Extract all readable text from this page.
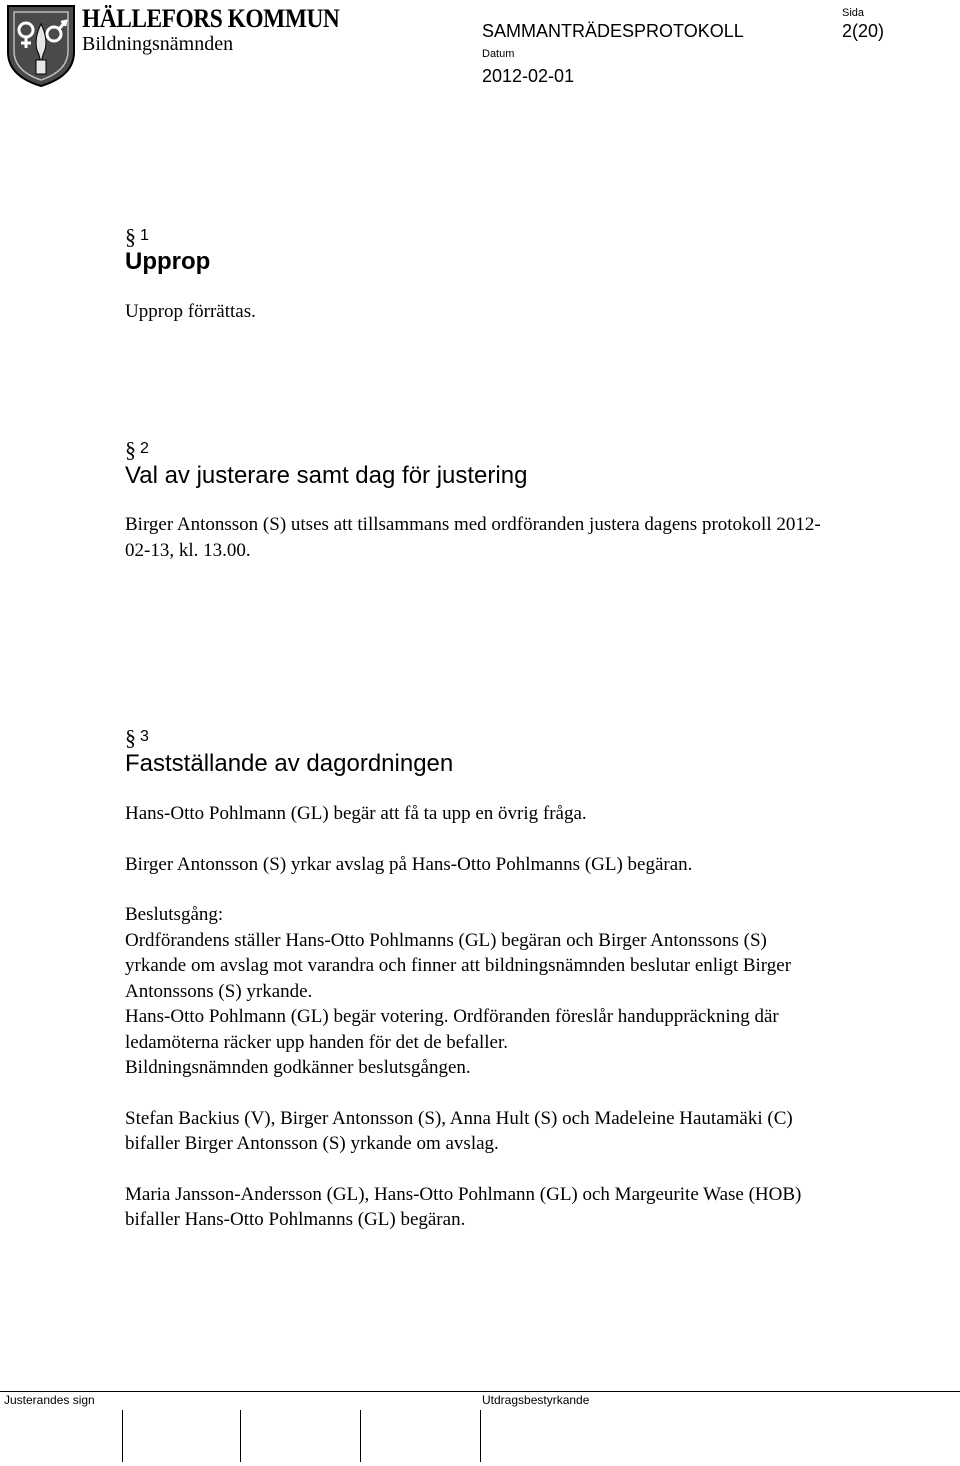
HÄLLEFORS KOMMUN
Bildningsnämnden
SAMMANTRÄDESPROTOKOLL
Datum
2012-02-01
Sida
2(20)
§ 1
Upprop

Upprop förrättas.

§ 2
Val av justerare samt dag för justering

Birger Antonsson (S) utses att tillsammans med ordföranden justera dagens protokoll 2012-02-13, kl. 13.00.

§ 3
Fastställande av dagordningen

Hans-Otto Pohlmann (GL) begär att få ta upp en övrig fråga.

Birger Antonsson (S) yrkar avslag på Hans-Otto Pohlmanns (GL) begäran.

Beslutsgång:

Ordförandens ställer Hans-Otto Pohlmanns (GL) begäran och Birger Antonssons (S) yrkande om avslag mot varandra och finner att bildningsnämnden beslutar enligt Birger Antonssons (S) yrkande.

Hans-Otto Pohlmann (GL) begär votering. Ordföranden föreslår handuppräckning där ledamöterna räcker upp handen för det de befaller.

Bildningsnämnden godkänner beslutsgången.

Stefan Backius (V), Birger Antonsson (S), Anna Hult (S) och Madeleine Hautamäki (C) bifaller Birger Antonsson (S) yrkande om avslag.

Maria Jansson-Andersson (GL), Hans-Otto Pohlmann (GL) och Margeurite Wase (HOB) bifaller Hans-Otto Pohlmanns (GL) begäran.

Justerandes sign	Utdragsbestyrkande
